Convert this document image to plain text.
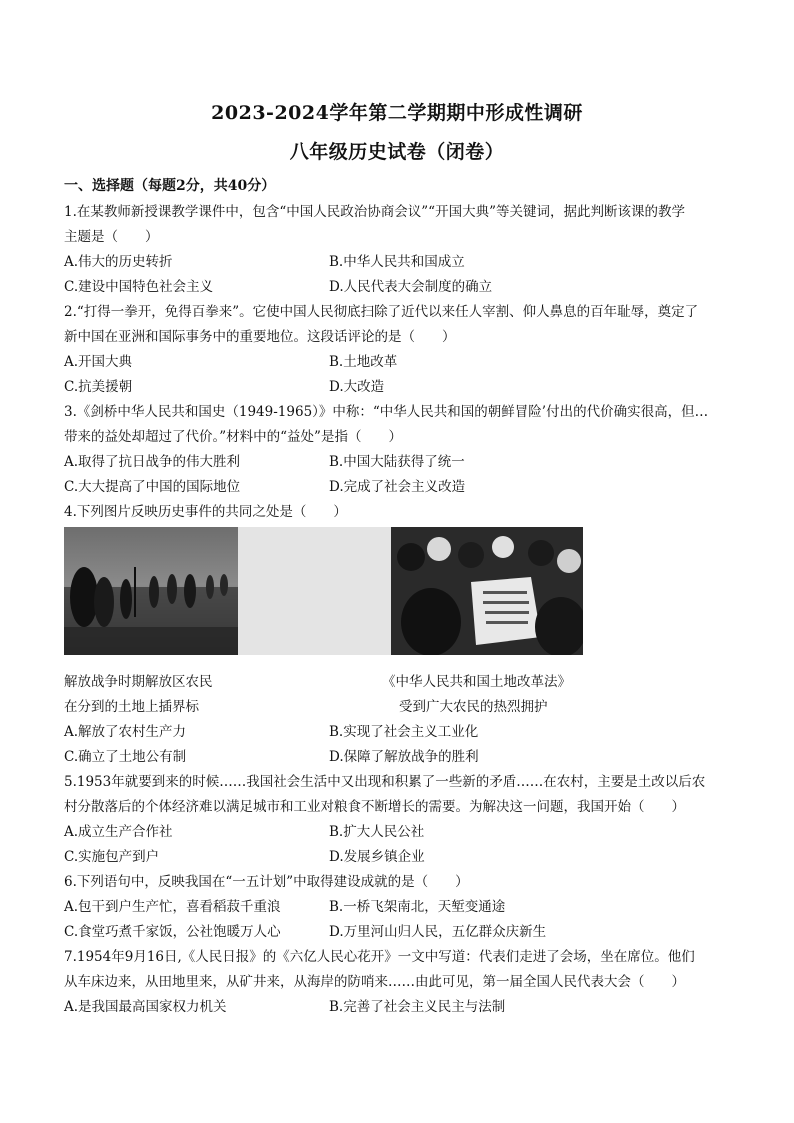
2023-2024学年第二学期期中形成性调研
八年级历史试卷（闭卷）
一、选择题（每题2分，共40分）
1.在某教师新授课教学课件中，包含“中国人民政治协商会议”“开国大典”等关键词，据此判断该课的教学
主题是（　　）
A.伟大的历史转折	B.中华人民共和国成立
C.建设中国特色社会主义	D.人民代表大会制度的确立
2.“打得一拳开，免得百拳来”。它使中国人民彻底扫除了近代以来任人宰割、仰人鼻息的百年耻辱，奠定了
新中国在亚洲和国际事务中的重要地位。这段话评论的是（　　）
A.开国大典	B.土地改革
C.抗美援朝	D.大改造
3.《剑桥中华人民共和国史（1949-1965）》中称：“中华人民共和国的朝鲜冒险’付出的代价确实很高，但…
带来的益处却超过了代价。”材料中的“益处”是指（　　）
A.取得了抗日战争的伟大胜利	B.中国大陆获得了统一
C.大大提高了中国的国际地位	D.完成了社会主义改造
4.下列图片反映历史事件的共同之处是（　　）
解放战争时期解放区农民
在分到的土地上插界标
《中华人民共和国土地改革法》
受到广大农民的热烈拥护
A.解放了农村生产力	B.实现了社会主义工业化
C.确立了土地公有制	D.保障了解放战争的胜利
5.1953年就要到来的时候……我国社会生活中又出现和积累了一些新的矛盾……在农村，主要是土改以后农
村分散落后的个体经济难以满足城市和工业对粮食不断增长的需要。为解决这一问题，我国开始（　　）
A.成立生产合作社	B.扩大人民公社
C.实施包产到户	D.发展乡镇企业
6.下列语句中，反映我国在“一五计划”中取得建设成就的是（　　）
A.包干到户生产忙，喜看稻菽千重浪	B.一桥飞架南北，天堑变通途
C.食堂巧煮千家饭，公社饱暖万人心	D.万里河山归人民，五亿群众庆新生
7.1954年9月16日,《人民日报》的《六亿人民心花开》一文中写道：代表们走进了会场，坐在席位。他们
从车床边来，从田地里来，从矿井来，从海岸的防哨来……由此可见，第一届全国人民代表大会（　　）
A.是我国最高国家权力机关	B.完善了社会主义民主与法制
